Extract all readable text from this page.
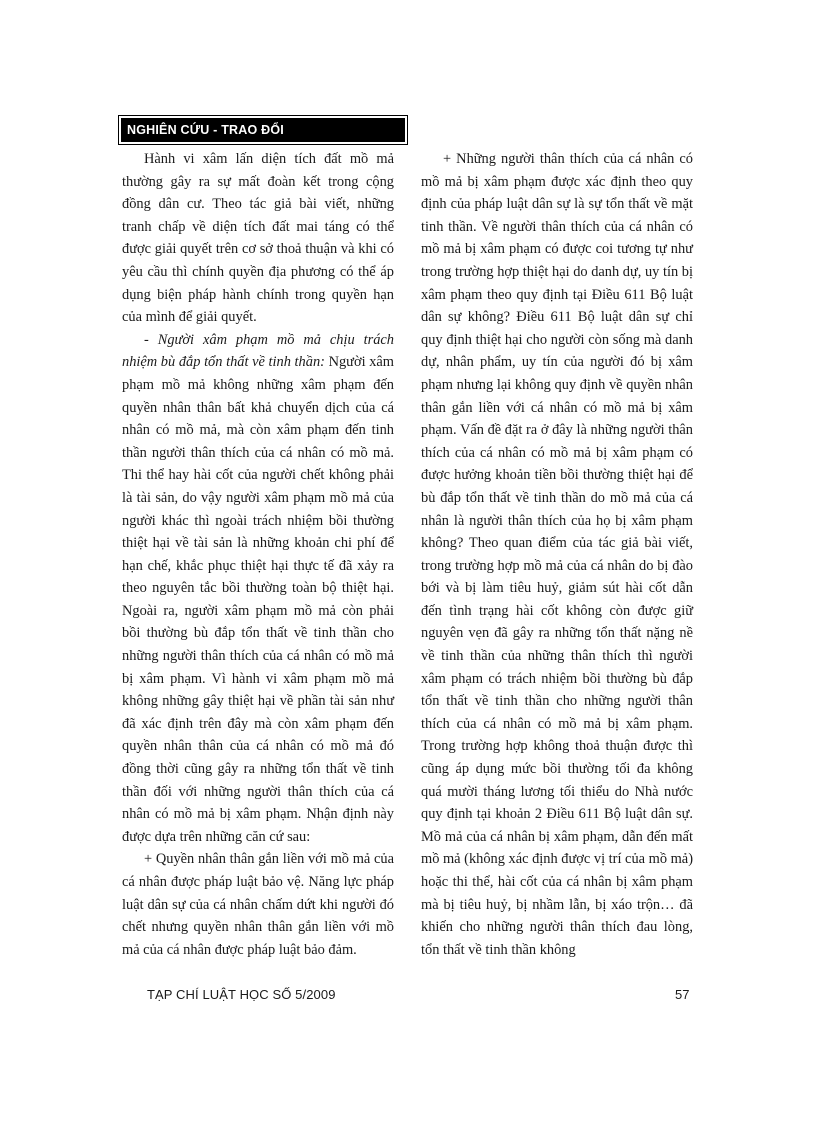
NGHIÊN CỨU - TRAO ĐỔI

Hành vi xâm lấn diện tích đất mồ mả thường gây ra sự mất đoàn kết trong cộng đồng dân cư. Theo tác giả bài viết, những tranh chấp về diện tích đất mai táng có thể được giải quyết trên cơ sở thoả thuận và khi có yêu cầu thì chính quyền địa phương có thể áp dụng biện pháp hành chính trong quyền hạn của mình để giải quyết.

- Người xâm phạm mồ mả chịu trách nhiệm bù đắp tổn thất về tinh thần: Người xâm phạm mồ mả không những xâm phạm đến quyền nhân thân bất khả chuyển dịch của cá nhân có mồ mả, mà còn xâm phạm đến tinh thần người thân thích của cá nhân có mồ mả. Thi thể hay hài cốt của người chết không phải là tài sản, do vậy người xâm phạm mồ mả của người khác thì ngoài trách nhiệm bồi thường thiệt hại về tài sản là những khoản chi phí để hạn chế, khắc phục thiệt hại thực tế đã xảy ra theo nguyên tắc bồi thường toàn bộ thiệt hại. Ngoài ra, người xâm phạm mồ mả còn phải bồi thường bù đắp tổn thất về tinh thần cho những người thân thích của cá nhân có mồ mả bị xâm phạm. Vì hành vi xâm phạm mồ mả không những gây thiệt hại về phần tài sản như đã xác định trên đây mà còn xâm phạm đến quyền nhân thân của cá nhân có mồ mả đó đồng thời cũng gây ra những tổn thất về tinh thần đối với những người thân thích của cá nhân có mồ mả bị xâm phạm. Nhận định này được dựa trên những căn cứ sau:

+ Quyền nhân thân gắn liền với mồ mả của cá nhân được pháp luật bảo vệ. Năng lực pháp luật dân sự của cá nhân chấm dứt khi người đó chết nhưng quyền nhân thân gắn liền với mồ mả của cá nhân được pháp luật bảo đảm.

+ Những người thân thích của cá nhân có mồ mả bị xâm phạm được xác định theo quy định của pháp luật dân sự là sự tổn thất về mặt tinh thần. Về người thân thích của cá nhân có mồ mả bị xâm phạm có được coi tương tự như trong trường hợp thiệt hại do danh dự, uy tín bị xâm phạm theo quy định tại Điều 611 Bộ luật dân sự không? Điều 611 Bộ luật dân sự chỉ quy định thiệt hại cho người còn sống mà danh dự, nhân phẩm, uy tín của người đó bị xâm phạm nhưng lại không quy định về quyền nhân thân gắn liền với cá nhân có mồ mả bị xâm phạm. Vấn đề đặt ra ở đây là những người thân thích của cá nhân có mồ mả bị xâm phạm có được hưởng khoản tiền bồi thường thiệt hại để bù đắp tổn thất về tinh thần do mồ mả của cá nhân là người thân thích của họ bị xâm phạm không? Theo quan điểm của tác giả bài viết, trong trường hợp mồ mả của cá nhân do bị đào bới và bị làm tiêu huỷ, giảm sút hài cốt dẫn đến tình trạng hài cốt không còn được giữ nguyên vẹn đã gây ra những tổn thất nặng nề về tinh thần của những thân thích thì người xâm phạm có trách nhiệm bồi thường bù đắp tổn thất về tinh thần cho những người thân thích của cá nhân có mồ mả bị xâm phạm. Trong trường hợp không thoả thuận được thì cũng áp dụng mức bồi thường tối đa không quá mười tháng lương tối thiểu do Nhà nước quy định tại khoản 2 Điều 611 Bộ luật dân sự. Mồ mả của cá nhân bị xâm phạm, dẫn đến mất mồ mả (không xác định được vị trí của mồ mả) hoặc thi thể, hài cốt của cá nhân bị xâm phạm mà bị tiêu huỷ, bị nhầm lẫn, bị xáo trộn… đã khiến cho những người thân thích đau lòng, tổn thất về tinh thần không

TẠP CHÍ LUẬT HỌC SỐ 5/2009	57
